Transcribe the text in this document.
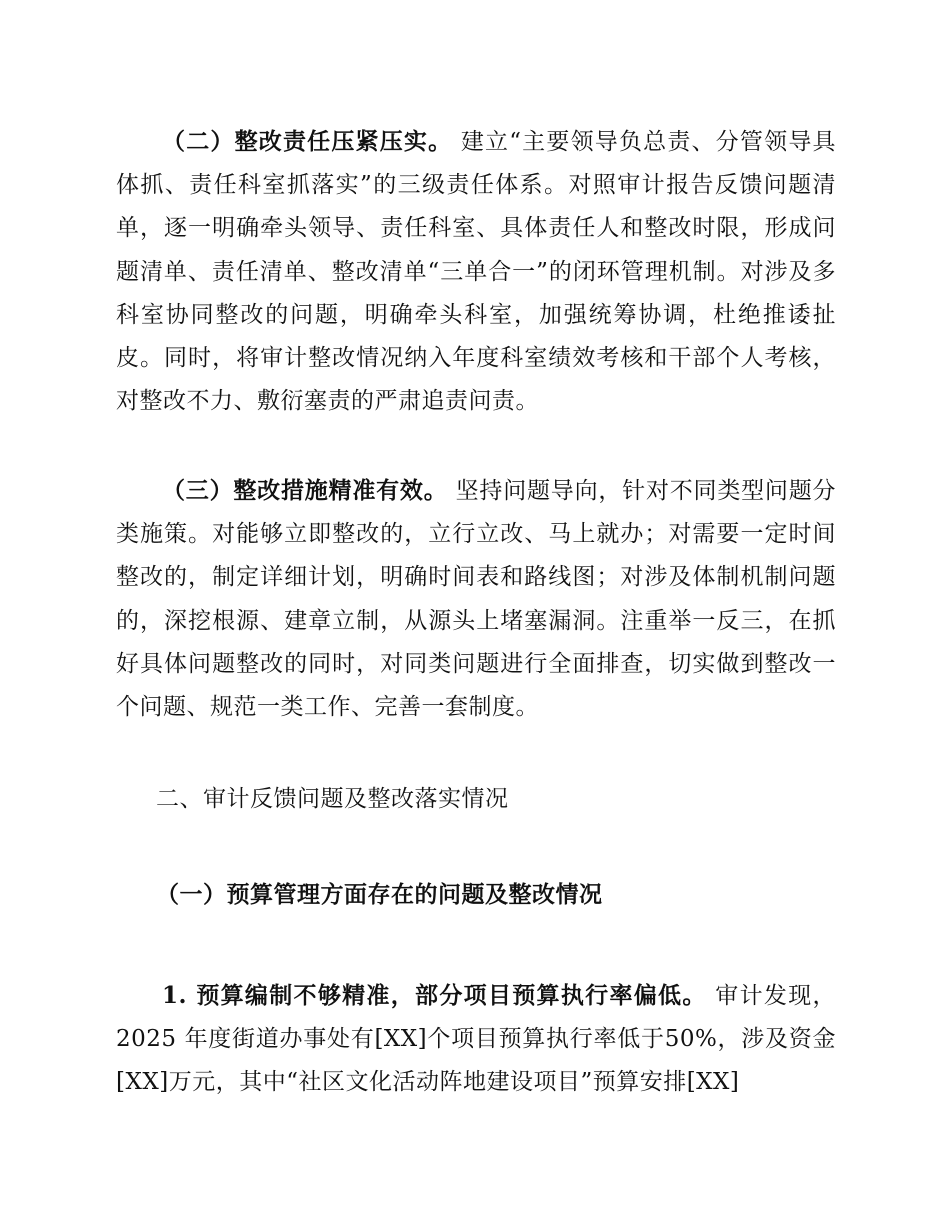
（二）整改责任压紧压实。 建立“主要领导负总责、分管领导具体抓、责任科室抓落实”的三级责任体系。对照审计报告反馈问题清单，逐一明确牵头领导、责任科室、具体责任人和整改时限，形成问题清单、责任清单、整改清单“三单合一”的闭环管理机制。对涉及多科室协同整改的问题，明确牵头科室，加强统筹协调，杜绝推诿扯皮。同时，将审计整改情况纳入年度科室绩效考核和干部个人考核，对整改不力、敷衍塞责的严肃追责问责。

（三）整改措施精准有效。 坚持问题导向，针对不同类型问题分类施策。对能够立即整改的，立行立改、马上就办；对需要一定时间整改的，制定详细计划，明确时间表和路线图；对涉及体制机制问题的，深挖根源、建章立制，从源头上堵塞漏洞。注重举一反三，在抓好具体问题整改的同时，对同类问题进行全面排查，切实做到整改一个问题、规范一类工作、完善一套制度。

二、审计反馈问题及整改落实情况

（一）预算管理方面存在的问题及整改情况

1. 预算编制不够精准，部分项目预算执行率偏低。 审计发现，2025 年度街道办事处有[XX]个项目预算执行率低于50%，涉及资金[XX]万元，其中“社区文化活动阵地建设项目”预算安排[XX]
